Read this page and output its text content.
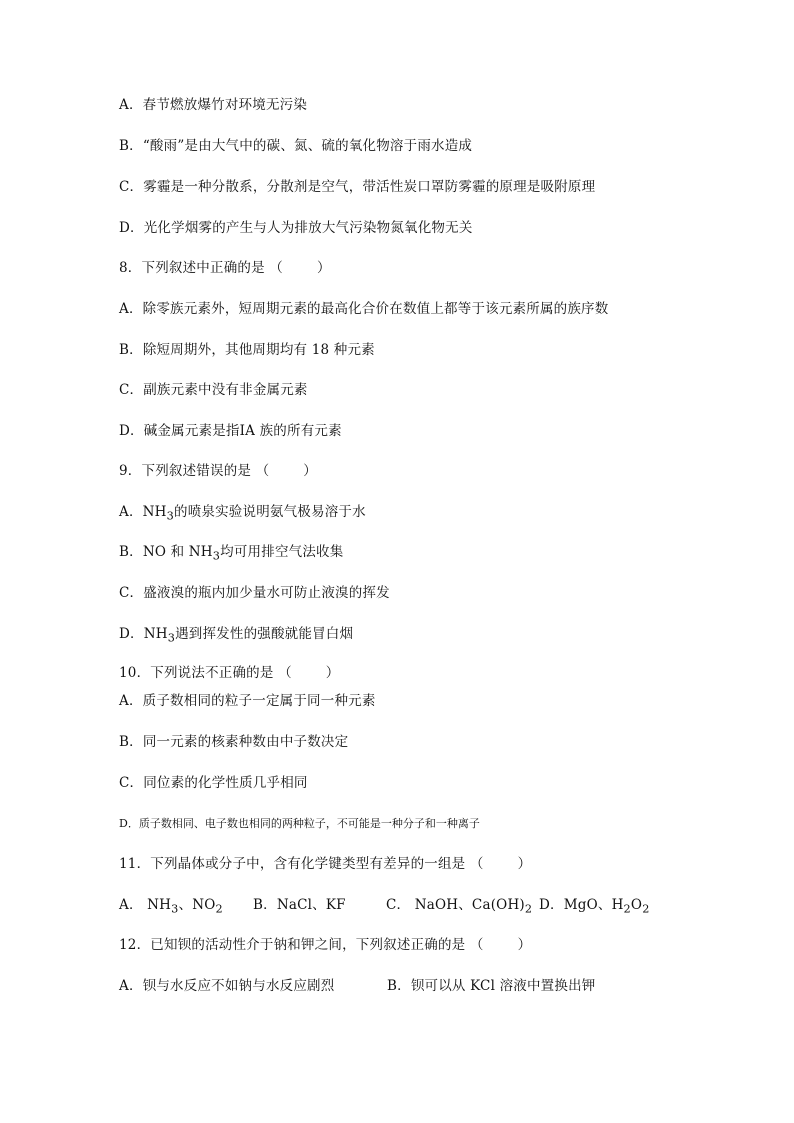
A．春节燃放爆竹对环境无污染
B．“酸雨”是由大气中的碳、氮、硫的氧化物溶于雨水造成
C．雾霾是一种分散系，分散剂是空气，带活性炭口罩防雾霾的原理是吸附原理
D．光化学烟雾的产生与人为排放大气污染物氮氧化物无关
8．下列叙述中正确的是 （	）
A．除零族元素外，短周期元素的最高化合价在数值上都等于该元素所属的族序数
B．除短周期外，其他周期均有 18 种元素
C．副族元素中没有非金属元素
D．碱金属元素是指ⅠA 族的所有元素
9．下列叙述错误的是 （	）
A．$NH_3$的喷泉实验说明氨气极易溶于水
B．NO 和 $NH_3$均可用排空气法收集
C．盛液溴的瓶内加少量水可防止液溴的挥发
D．$NH_3$遇到挥发性的强酸就能冒白烟
10．下列说法不正确的是 （	）
A．质子数相同的粒子一定属于同一种元素
B．同一元素的核素种数由中子数决定
C．同位素的化学性质几乎相同
D．质子数相同、电子数也相同的两种粒子，不可能是一种分子和一种离子
11．下列晶体或分子中，含有化学键类型有差异的一组是 （	）
A． $NH_3$、$NO_2$ B．NaCl、KF	C． NaOH、$Ca(OH)_2$ D．MgO、$H_2O_2$
12．已知钡的活动性介于钠和钾之间，下列叙述正确的是 （	）
A．钡与水反应不如钠与水反应剧烈	B．钡可以从 KCl 溶液中置换出钾
